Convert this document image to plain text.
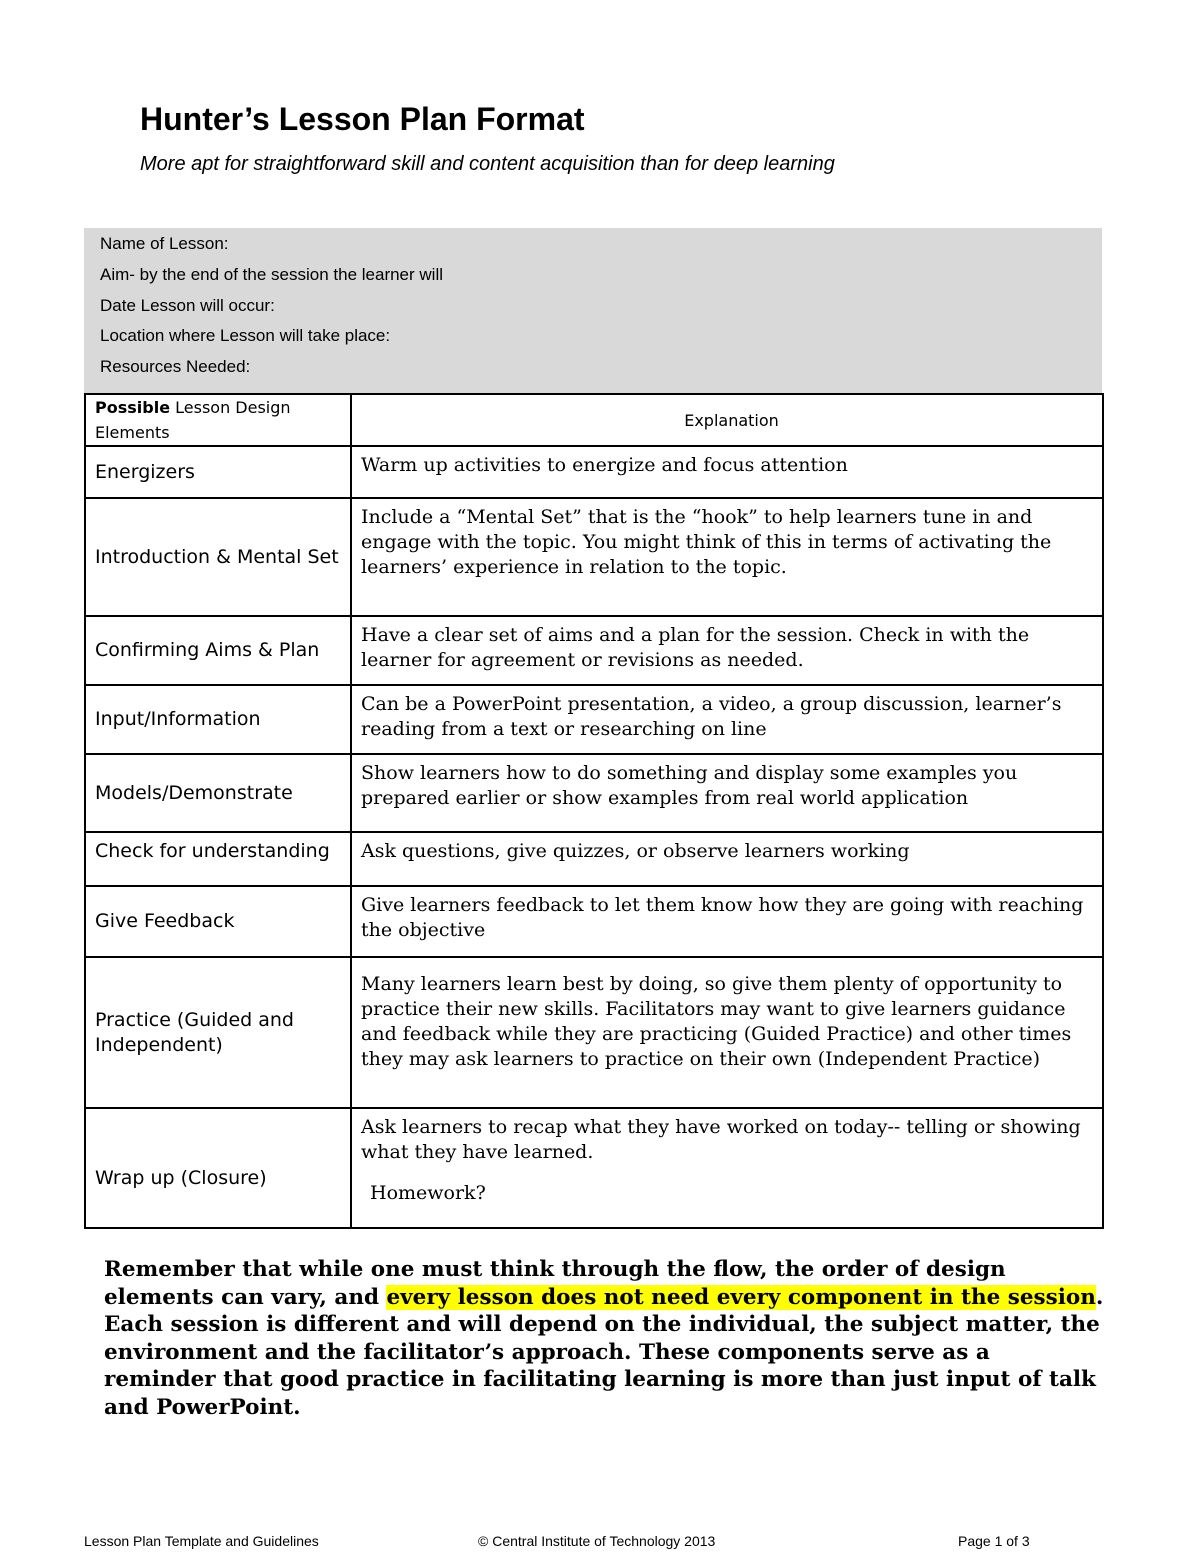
Hunter’s Lesson Plan Format
More apt for straightforward skill and content acquisition than for deep learning
Name of Lesson:
Aim- by the end of the session the learner will
Date Lesson will occur:
Location where Lesson will take place:
Resources Needed:
Possible Lesson Design Elements	Explanation
Energizers	Warm up activities to energize and focus attention
Introduction & Mental Set	Include a “Mental Set” that is the “hook” to help learners tune in and engage with the topic. You might think of this in terms of activating the learners’ experience in relation to the topic.
Confirming Aims & Plan	Have a clear set of aims and a plan for the session. Check in with the learner for agreement or revisions as needed.
Input/Information	Can be a PowerPoint presentation, a video, a group discussion, learner’s reading from a text or researching on line

Models/Demonstrate	Show learners how to do something and display some examples you prepared earlier or show examples from real world application

Check for understanding	Ask questions, give quizzes, or observe learners working
Give Feedback	Give learners feedback to let them know how they are going with reaching the objective
Practice (Guided and Independent)	Many learners learn best by doing, so give them plenty of opportunity to practice their new skills. Facilitators may want to give learners guidance and feedback while they are practicing (Guided Practice) and other times they may ask learners to practice on their own (Independent Practice)
Wrap up (Closure)	Ask learners to recap what they have worked on today-- telling or showing what they have learned.
Homework?
Remember that while one must think through the flow, the order of design elements can vary, and every lesson does not need every component in the session. Each session is different and will depend on the individual, the subject matter, the environment and the facilitator’s approach. These components serve as a reminder that good practice in facilitating learning is more than just input of talk and PowerPoint.
Lesson Plan Template and Guidelines	© Central Institute of Technology 2013	Page 1 of 3
